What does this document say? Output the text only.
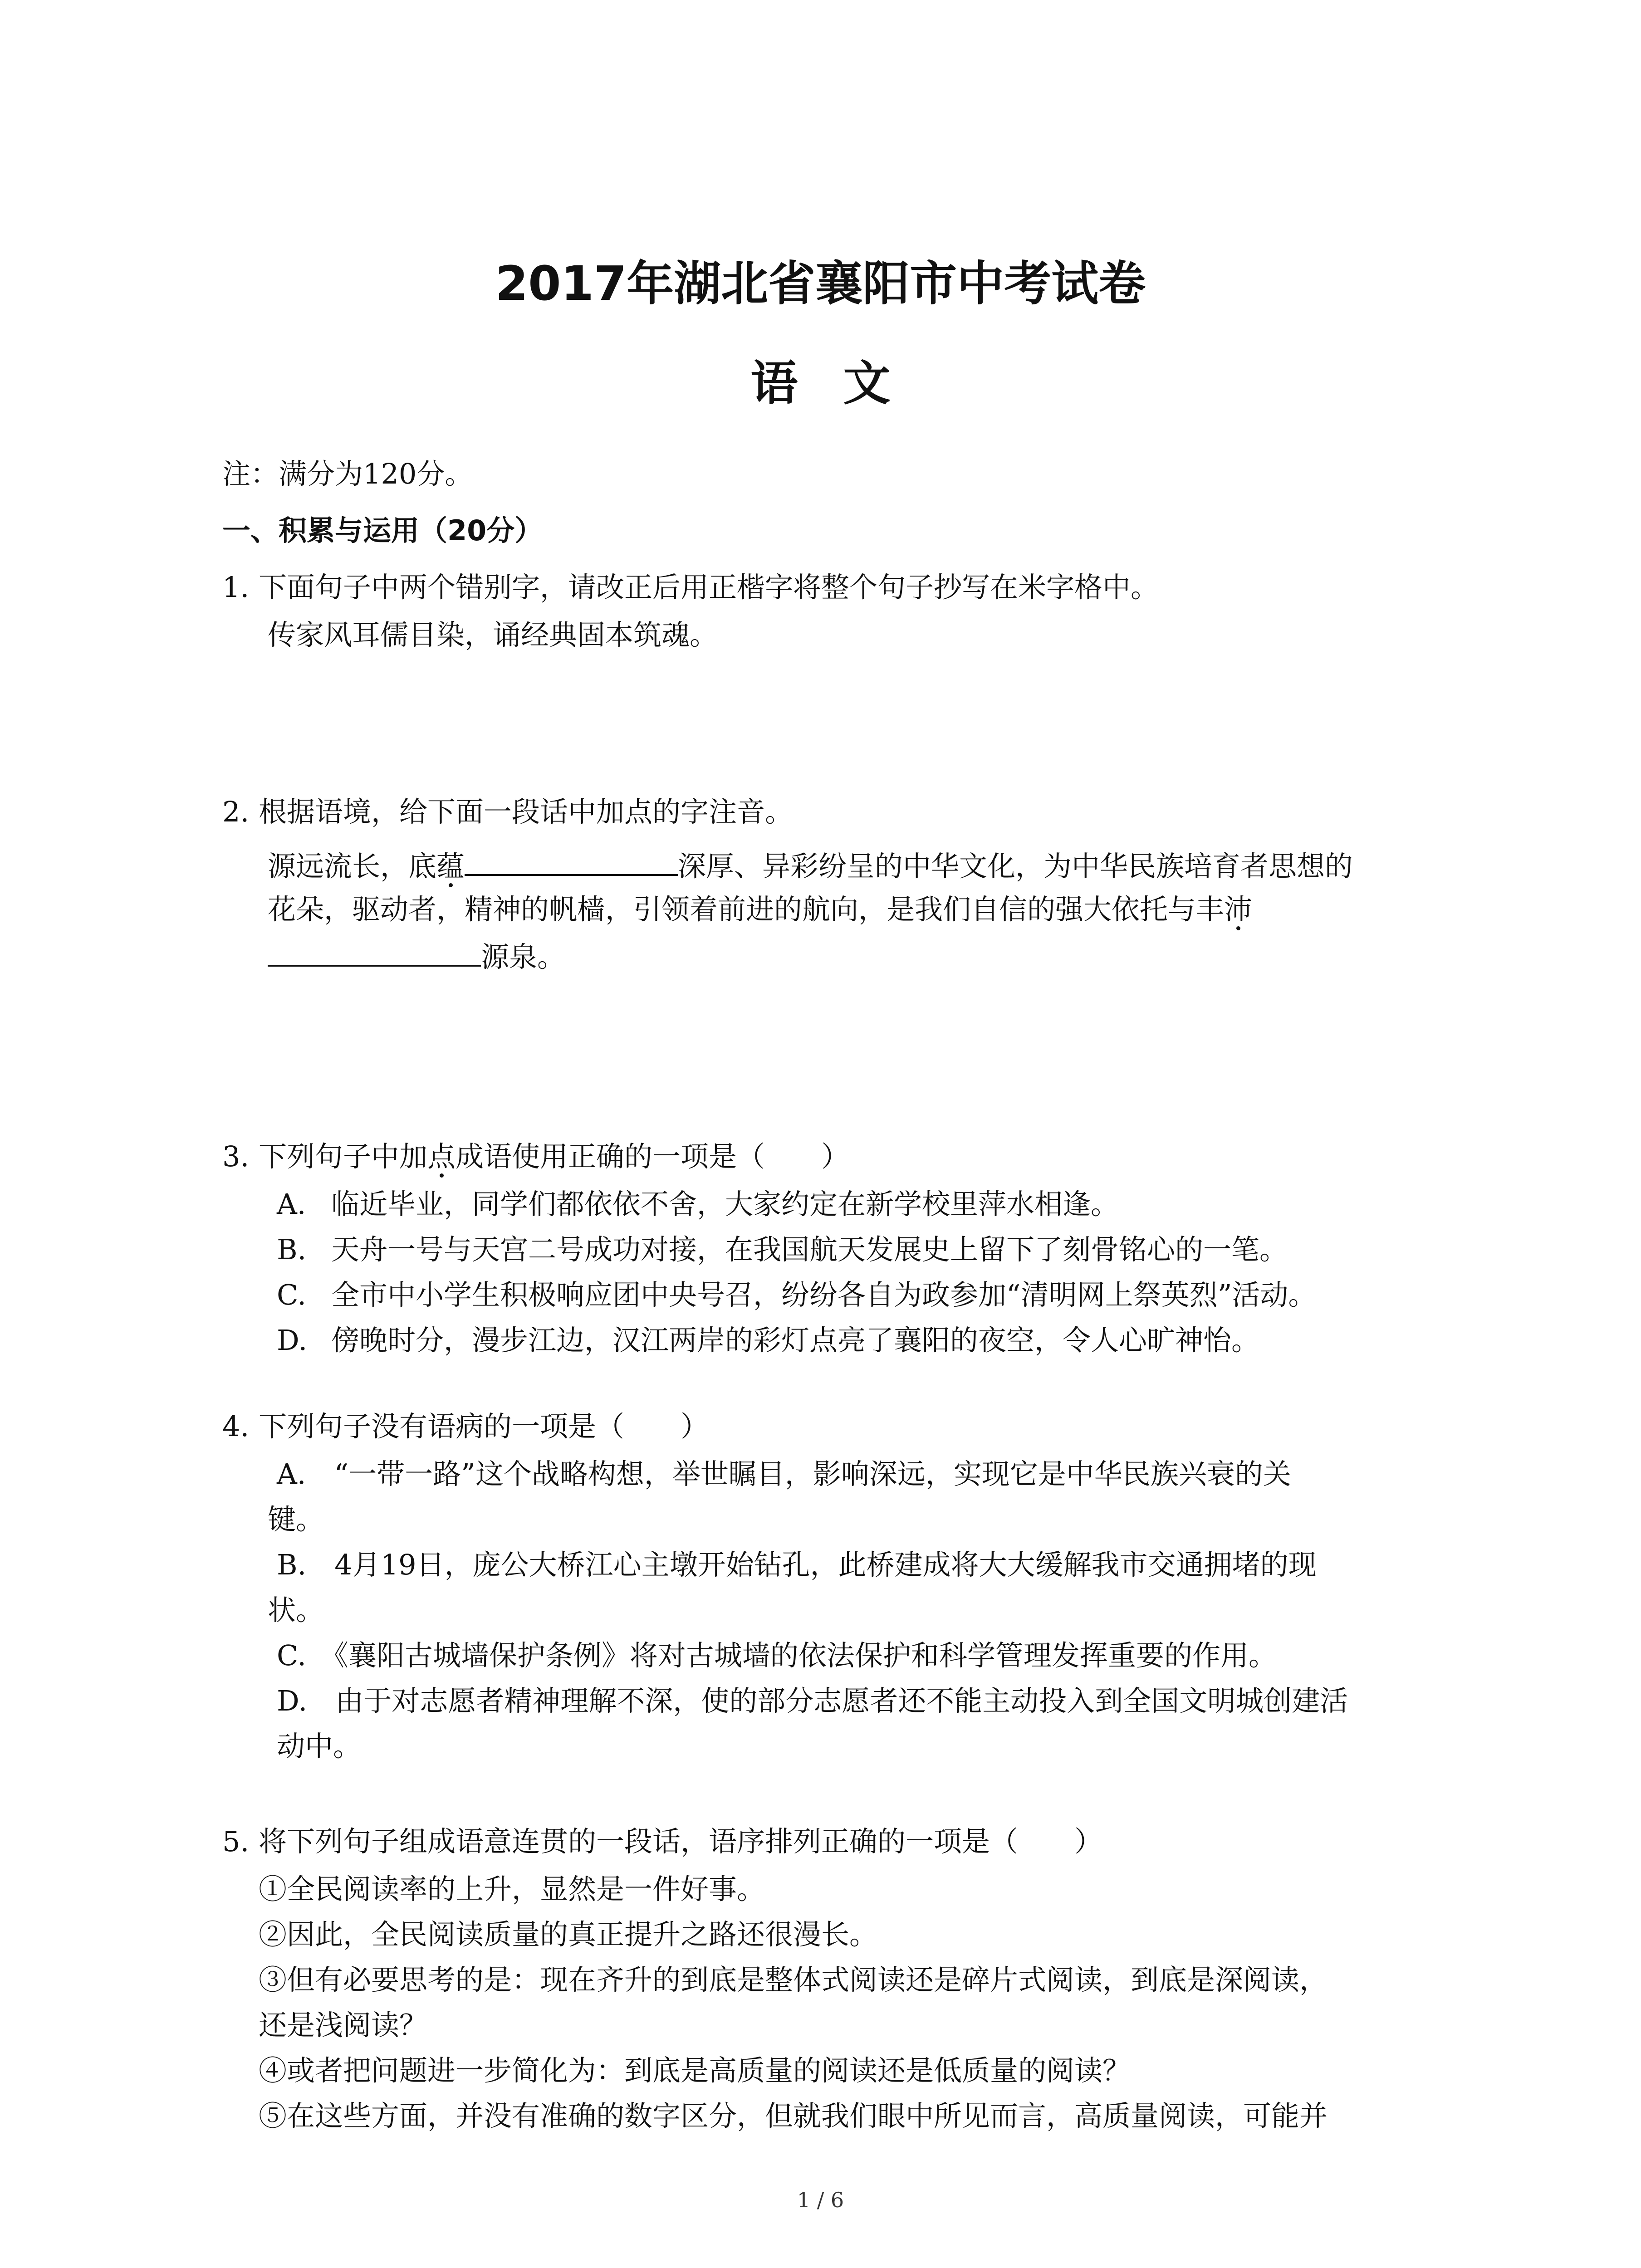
2017年湖北省襄阳市中考试卷
语文
注：满分为120分。
一、积累与运用（20分）
1. 下面句子中两个错别字，请改正后用正楷字将整个句子抄写在米字格中。
传家风耳儒目染，诵经典固本筑魂。
2. 根据语境，给下面一段话中加点的字注音。
源远流长，底蕴	深厚、异彩纷呈的中华文化，为中华民族培育者思想的
花朵，驱动者，精神的帆樯，引领着前进的航向，是我们自信的强大依托与丰沛
源泉。
3. 下列句子中加点成语使用正确的一项是（　　）
A. 临近毕业，同学们都依依不舍，大家约定在新学校里萍水相逢。
B. 天舟一号与天宫二号成功对接，在我国航天发展史上留下了刻骨铭心的一笔。
C. 全市中小学生积极响应团中央号召，纷纷各自为政参加“清明网上祭英烈”活动。
D. 傍晚时分，漫步江边，汉江两岸的彩灯点亮了襄阳的夜空，令人心旷神怡。
4. 下列句子没有语病的一项是（　　）
A.　“一带一路”这个战略构想，举世瞩目，影响深远，实现它是中华民族兴衰的关
键。
B.　4月19日，庞公大桥江心主墩开始钻孔，此桥建成将大大缓解我市交通拥堵的现
状。
C.　《襄阳古城墙保护条例》将对古城墙的依法保护和科学管理发挥重要的作用。
D.　由于对志愿者精神理解不深，使的部分志愿者还不能主动投入到全国文明城创建活
动中。
5. 将下列句子组成语意连贯的一段话，语序排列正确的一项是（　　）
①全民阅读率的上升，显然是一件好事。
②因此，全民阅读质量的真正提升之路还很漫长。
③但有必要思考的是：现在齐升的到底是整体式阅读还是碎片式阅读，到底是深阅读，
还是浅阅读？
④或者把问题进一步简化为：到底是高质量的阅读还是低质量的阅读？
⑤在这些方面，并没有准确的数字区分，但就我们眼中所见而言，高质量阅读，可能并
1 / 6
